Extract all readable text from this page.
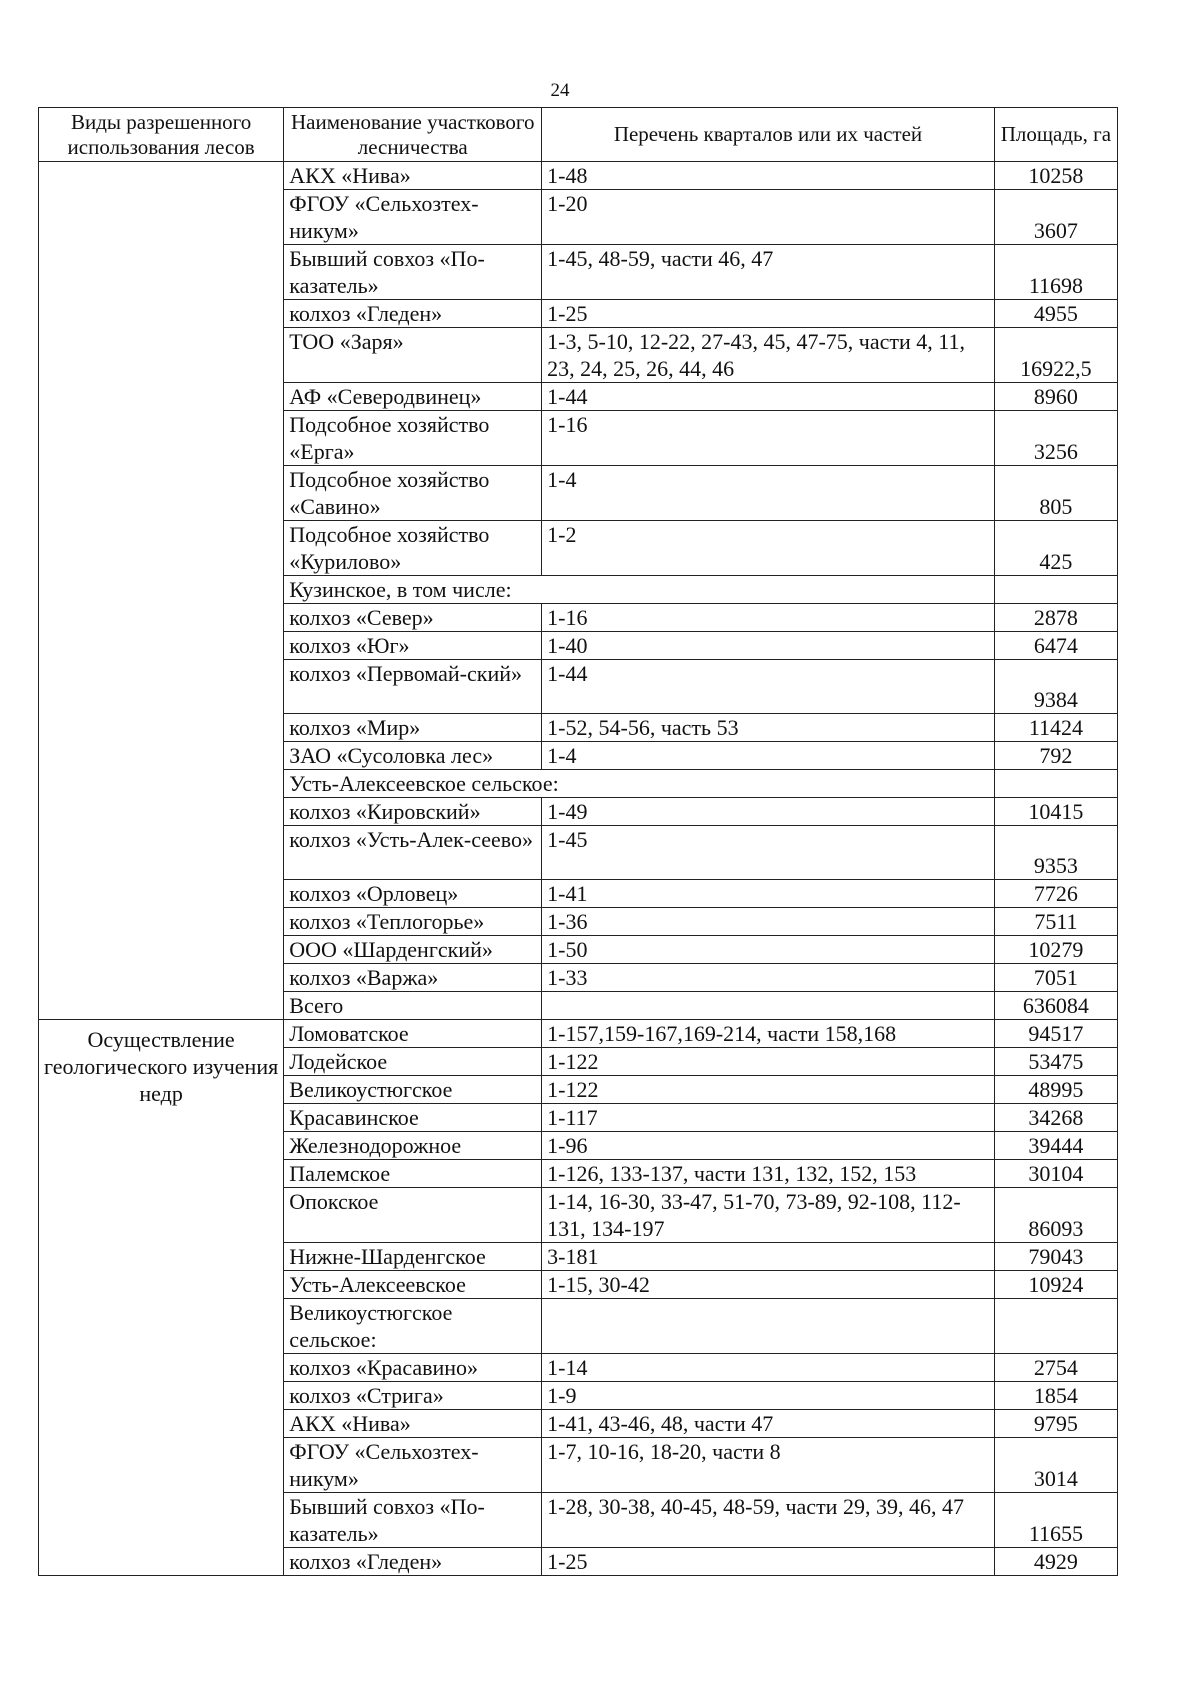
24
Виды разрешенного использования лесов	Наименование участкового лесничества	Перечень кварталов или их частей	Площадь, га
	АКХ «Нива»	1-48	10258
	ФГОУ «Сельхозтех-никум»	1-20	3607
	Бывший совхоз «По-казатель»	1-45, 48-59, части 46, 47	11698
	колхоз «Гледен»	1-25	4955
	ТОО «Заря»	1-3, 5-10, 12-22, 27-43, 45, 47-75, части 4, 11, 23, 24, 25, 26, 44, 46	16922,5
	АФ «Северодвинец»	1-44	8960
	Подсобное хозяйство «Ерга»	1-16	3256
	Подсобное хозяйство «Савино»	1-4	805
	Подсобное хозяйство «Курилово»	1-2	425
	Кузинское, в том числе:		
	колхоз «Север»	1-16	2878
	колхоз «Юг»	1-40	6474
	колхоз «Первомай-ский»	1-44	9384
	колхоз «Мир»	1-52, 54-56, часть 53	11424
	ЗАО «Сусоловка лес»	1-4	792
	Усть-Алексеевское сельское:		
	колхоз «Кировский»	1-49	10415
	колхоз «Усть-Алек-сеево»	1-45	9353
	колхоз «Орловец»	1-41	7726
	колхоз «Теплогорье»	1-36	7511
	ООО «Шарденгский»	1-50	10279
	колхоз «Варжа»	1-33	7051
	Всего		636084
Осуществление геологического изучения недр	Ломоватское	1-157,159-167,169-214, части 158,168	94517
	Лодейское	1-122	53475
	Великоустюгское	1-122	48995
	Красавинское	1-117	34268
	Железнодорожное	1-96	39444
	Палемское	1-126, 133-137, части 131, 132, 152, 153	30104
	Опокское	1-14, 16-30, 33-47, 51-70, 73-89, 92-108, 112-131, 134-197	86093
	Нижне-Шарденгское	3-181	79043
	Усть-Алексеевское	1-15, 30-42	10924
	Великоустюгское сельское:		
	колхоз «Красавино»	1-14	2754
	колхоз «Стрига»	1-9	1854
	АКХ «Нива»	1-41, 43-46, 48, части 47	9795
	ФГОУ «Сельхозтех-никум»	1-7, 10-16, 18-20, части 8	3014
	Бывший совхоз «По-казатель»	1-28, 30-38, 40-45, 48-59, части 29, 39, 46, 47	11655
	колхоз «Гледен»	1-25	4929
